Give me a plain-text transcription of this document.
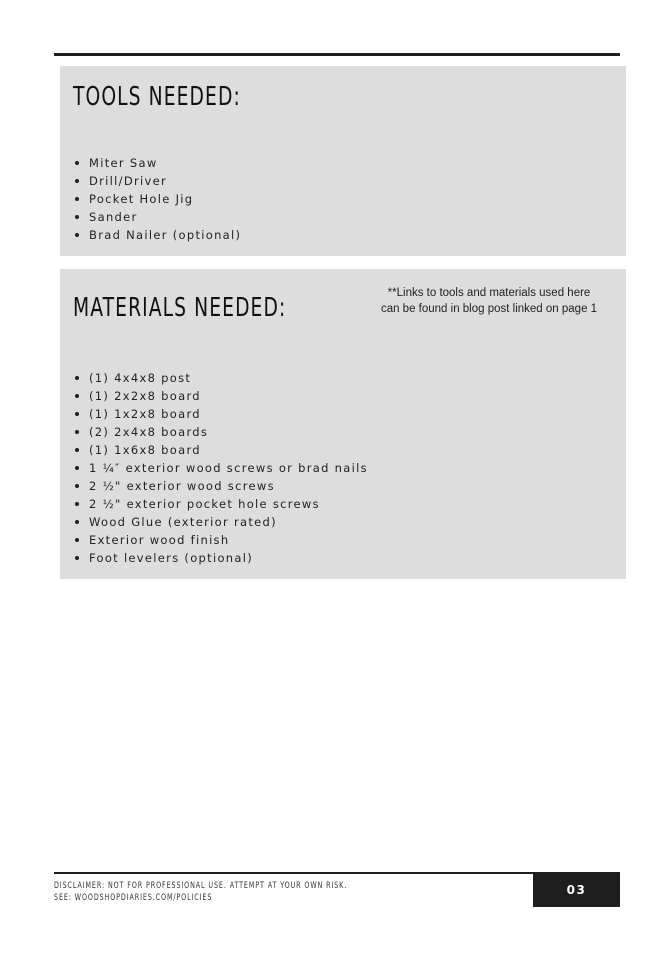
TOOLS NEEDED:
Miter Saw
Drill/Driver
Pocket Hole Jig
Sander
Brad Nailer (optional)
MATERIALS NEEDED:	**Links to tools and materials used here
can be found in blog post linked on page 1
(1) 4x4x8 post
(1) 2x2x8 board
(1) 1x2x8 board
(2) 2x4x8 boards
(1) 1x6x8 board
1 ¼″ exterior wood screws or brad nails
2 ½" exterior wood screws
2 ½" exterior pocket hole screws
Wood Glue (exterior rated)
Exterior wood finish
Foot levelers (optional)
DISCLAIMER: NOT FOR PROFESSIONAL USE. ATTEMPT AT YOUR OWN RISK.
SEE: WOODSHOPDIARIES.COM/POLICIES
03
